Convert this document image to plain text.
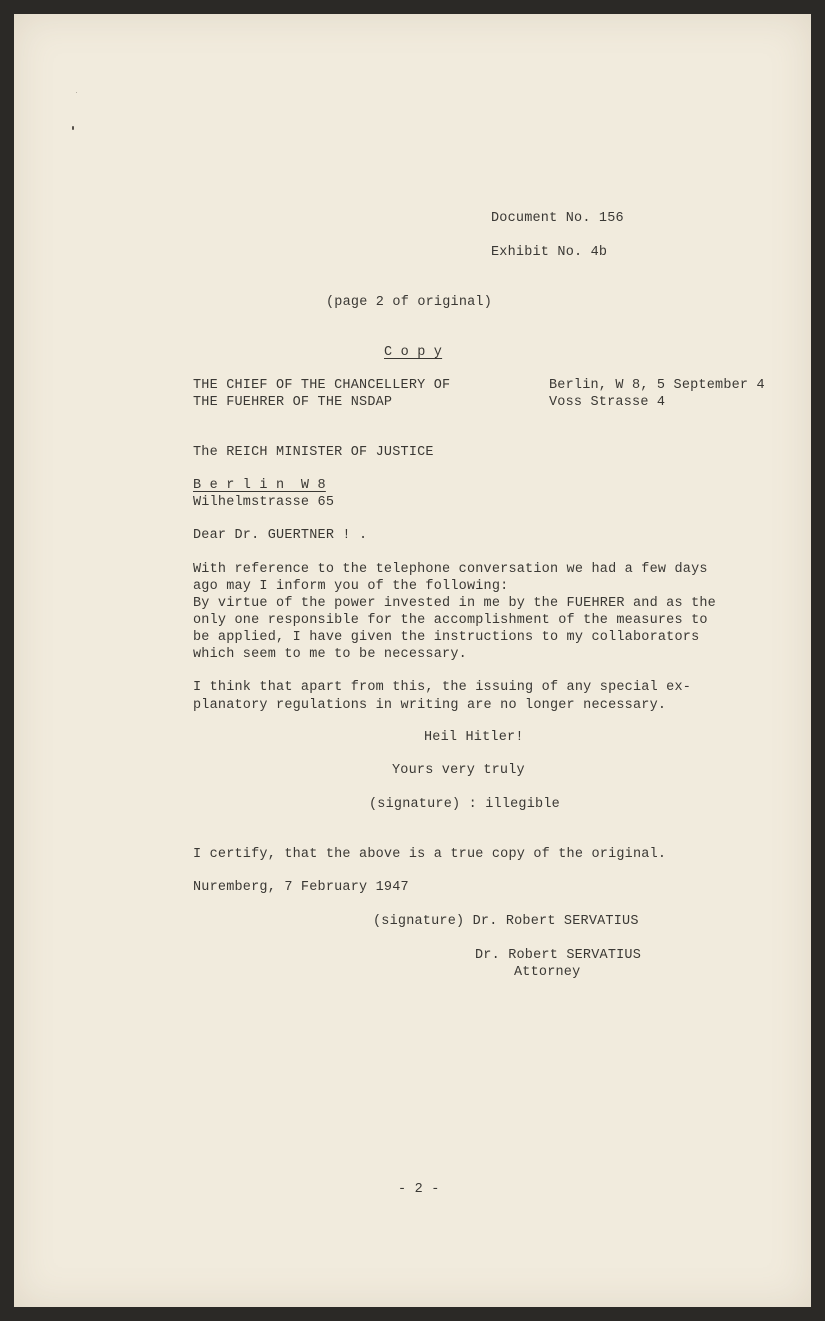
Document No. 156
Exhibit No. 4b
(page 2 of original)
C o p y
THE CHIEF OF THE CHANCELLERY OF
THE FUEHRER OF THE NSDAP
Berlin, W 8, 5 September 4
Voss Strasse 4
The REICH MINISTER OF JUSTICE
B e r l i n  W 8
Wilhelmstrasse 65
Dear Dr. GUERTNER ! .
With reference to the telephone conversation we had a few days
ago may I inform you of the following:
By virtue of the power invested in me by the FUEHRER and as the
only one responsible for the accomplishment of the measures to
be applied, I have given the instructions to my collaborators
which seem to me to be necessary.
I think that apart from this, the issuing of any special ex-
planatory regulations in writing are no longer necessary.
Heil Hitler!
Yours very truly
(signature) : illegible
I certify, that the above is a true copy of the original.
Nuremberg, 7 February 1947
(signature) Dr. Robert SERVATIUS
Dr. Robert SERVATIUS
Attorney
- 2 -
